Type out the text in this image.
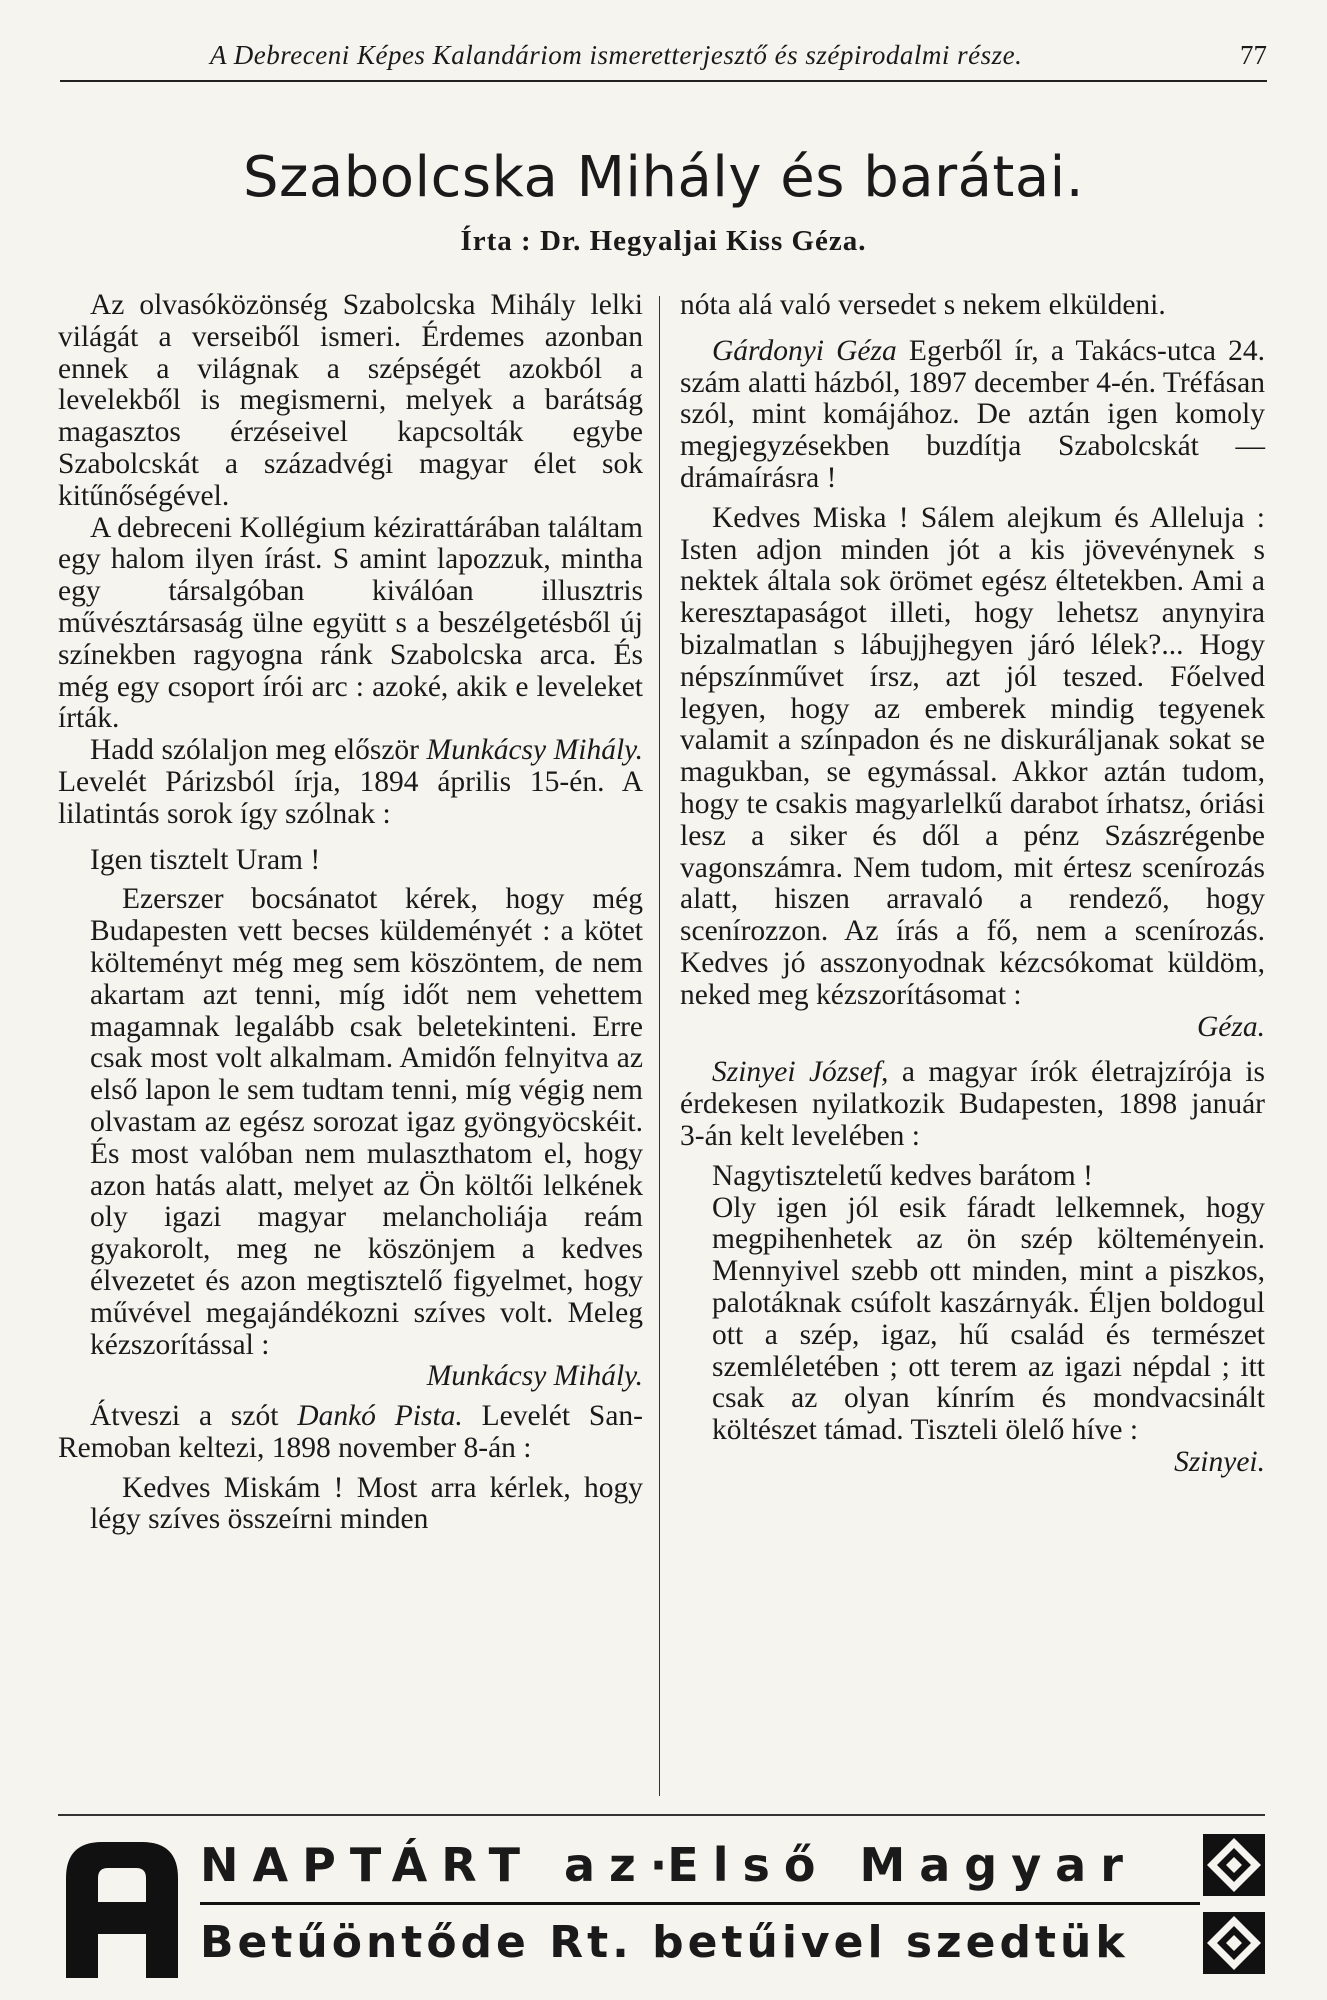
A Debreceni Képes Kalandáriom ismeretterjesztő és szépirodalmi része.	77
Szabolcska Mihály és barátai.
Írta : Dr. Hegyaljai Kiss Géza.

Az olvasóközönség Szabolcska Mihály lelki világát a verseiből ismeri. Érdemes azonban ennek a világnak a szépségét azokból a levelekből is megismerni, melyek a barátság magasztos érzéseivel kapcsolták egybe Szabolcskát a századvégi magyar élet sok kitűnőségével.

A debreceni Kollégium kézirattárában találtam egy halom ilyen írást. S amint lapozzuk, mintha egy társalgóban kiválóan illusztris művésztársaság ülne együtt s a beszélgetésből új színekben ragyogna ránk Szabolcska arca. És még egy csoport írói arc : azoké, akik e leveleket írták.

Hadd szólaljon meg először Munkácsy Mihály. Levelét Párizsból írja, 1894 április 15-én. A lilatintás sorok így szólnak :

Igen tisztelt Uram !

Ezerszer bocsánatot kérek, hogy még Budapesten vett becses küldeményét : a kötet költeményt még meg sem köszöntem, de nem akartam azt tenni, míg időt nem vehettem magamnak legalább csak beletekinteni. Erre csak most volt alkalmam. Amidőn felnyitva az első lapon le sem tudtam tenni, míg végig nem olvastam az egész sorozat igaz gyöngyöcskéit. És most valóban nem mulaszthatom el, hogy azon hatás alatt, melyet az Ön költői lelkének oly igazi magyar melancholiája reám gyakorolt, meg ne köszönjem a kedves élvezetet és azon megtisztelő figyelmet, hogy művével megajándékozni szíves volt. Meleg kézszorítással :

Munkácsy Mihály.

Átveszi a szót Dankó Pista. Levelét San-Remoban keltezi, 1898 november 8-án :

Kedves Miskám ! Most arra kérlek, hogy légy szíves összeírni minden

nóta alá való versedet s nekem elküldeni.

Gárdonyi Géza Egerből ír, a Takács-utca 24. szám alatti házból, 1897 december 4-én. Tréfásan szól, mint komájához. De aztán igen komoly megjegyzésekben buzdítja Szabolcskát — drámaírásra !

Kedves Miska ! Sálem alejkum és Alleluja : Isten adjon minden jót a kis jövevénynek s nektek általa sok örömet egész éltetekben. Ami a keresztapaságot illeti, hogy lehetsz anynyira bizalmatlan s lábujjhegyen járó lélek?... Hogy népszínművet írsz, azt jól teszed. Főelved legyen, hogy az emberek mindig tegyenek valamit a színpadon és ne diskuráljanak sokat se magukban, se egymással. Akkor aztán tudom, hogy te csakis magyarlelkű darabot írhatsz, óriási lesz a siker és dől a pénz Szászrégenbe vagonszámra. Nem tudom, mit értesz scenírozás alatt, hiszen arravaló a rendező, hogy scenírozzon. Az írás a fő, nem a scenírozás. Kedves jó asszonyodnak kézcsókomat küldöm, neked meg kézszorításomat :

Géza.

Szinyei József, a magyar írók életrajzírója is érdekesen nyilatkozik Budapesten, 1898 január 3-án kelt levelében :

Nagytiszteletű kedves barátom !

Oly igen jól esik fáradt lelkemnek, hogy megpihenhetek az ön szép költeményein. Mennyivel szebb ott minden, mint a piszkos, palotáknak csúfolt kaszárnyák. Éljen boldogul ott a szép, igaz, hű család és természet szemléletében ; ott terem az igazi népdal ; itt csak az olyan kínrím és mondvacsinált költészet támad. Tiszteli ölelő híve :

Szinyei.

NAPTÁRT az·Első Magyar
Betűöntőde Rt. betűivel szedtük
